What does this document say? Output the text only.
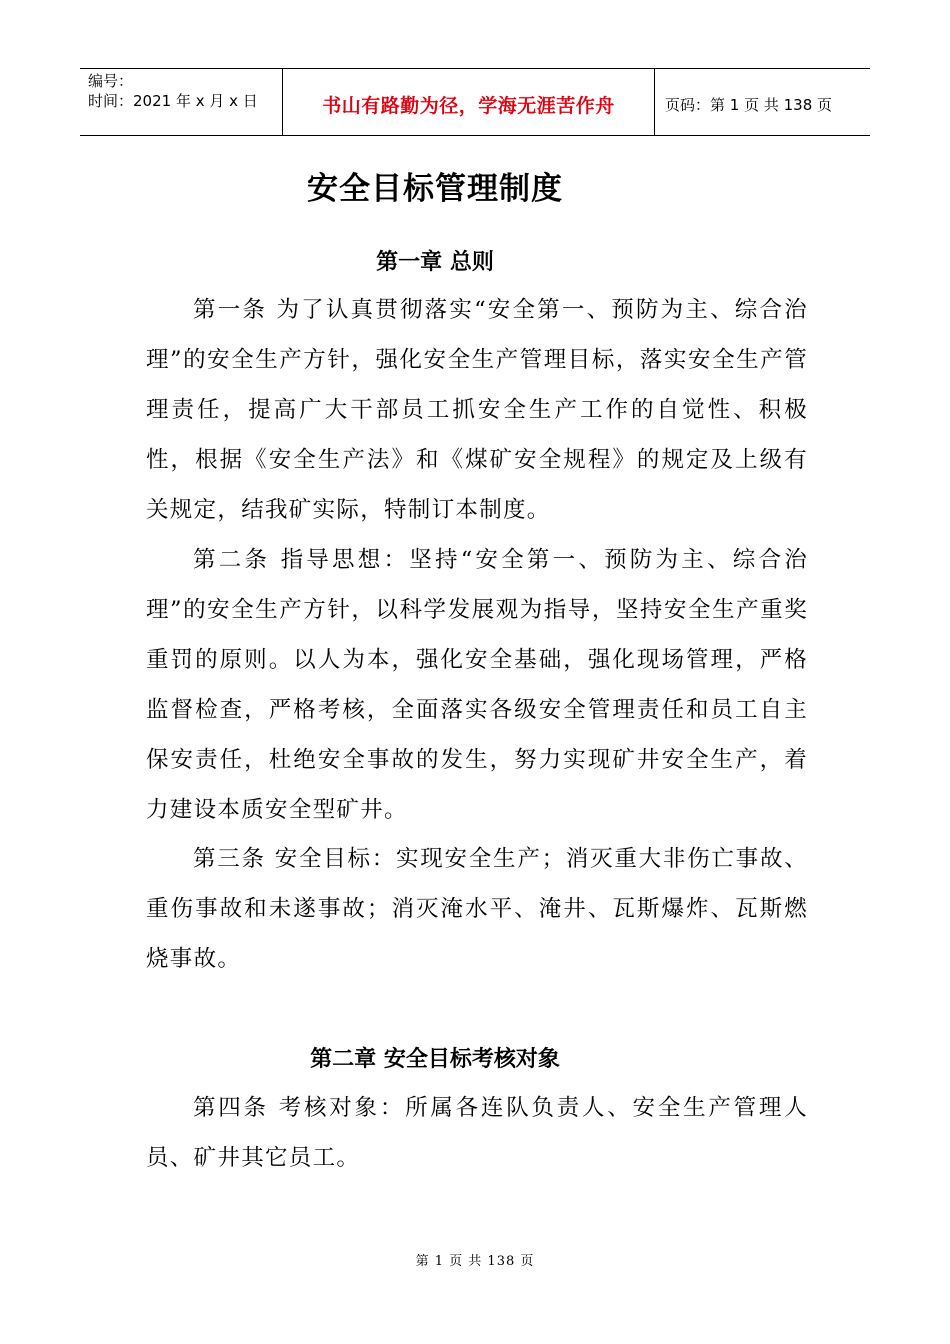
编号：
时间：2021 年 x 月 x 日	书山有路勤为径，学海无涯苦作舟	页码：第 1 页 共 138 页
安全目标管理制度
第一章 总则
第一条 为了认真贯彻落实“安全第一、预防为主、综合治理”的安全生产方针，强化安全生产管理目标，落实安全生产管理责任，提高广大干部员工抓安全生产工作的自觉性、积极性，根据《安全生产法》和《煤矿安全规程》的规定及上级有关规定，结我矿实际，特制订本制度。
第二条 指导思想：坚持“安全第一、预防为主、综合治理”的安全生产方针，以科学发展观为指导，坚持安全生产重奖重罚的原则。以人为本，强化安全基础，强化现场管理，严格监督检查，严格考核，全面落实各级安全管理责任和员工自主保安责任，杜绝安全事故的发生，努力实现矿井安全生产，着力建设本质安全型矿井。
第三条 安全目标：实现安全生产；消灭重大非伤亡事故、重伤事故和未遂事故；消灭淹水平、淹井、瓦斯爆炸、瓦斯燃烧事故。
第二章 安全目标考核对象
第四条 考核对象：所属各连队负责人、安全生产管理人员、矿井其它员工。
第 1 页 共 138 页
